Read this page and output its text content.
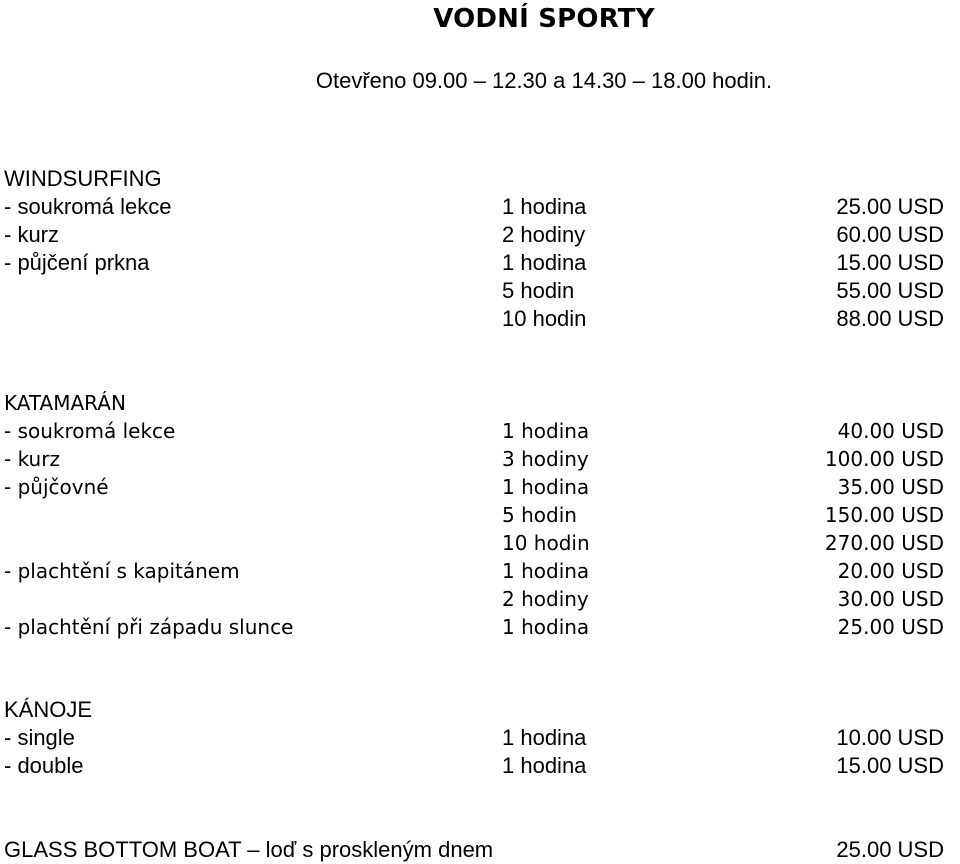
VODNÍ SPORTY
Otevřeno 09.00 – 12.30 a 14.30 – 18.00 hodin.
WINDSURFING
- soukromá lekce	1 hodina	25.00 USD
- kurz	2 hodiny	60.00 USD
- půjčení prkna	1 hodina	15.00 USD
5 hodin	55.00 USD
10 hodin	88.00 USD
KATAMARÁN
- soukromá lekce	1 hodina	40.00 USD
- kurz	3 hodiny	100.00 USD
- půjčovné	1 hodina	35.00 USD
5 hodin	150.00 USD
10 hodin	270.00 USD
- plachtění s kapitánem	1 hodina	20.00 USD
2 hodiny	30.00 USD
- plachtění při západu slunce	1 hodina	25.00 USD
KÁNOJE
- single	1 hodina	10.00 USD
- double	1 hodina	15.00 USD
GLASS BOTTOM BOAT – loď s proskleným dnem	25.00 USD
